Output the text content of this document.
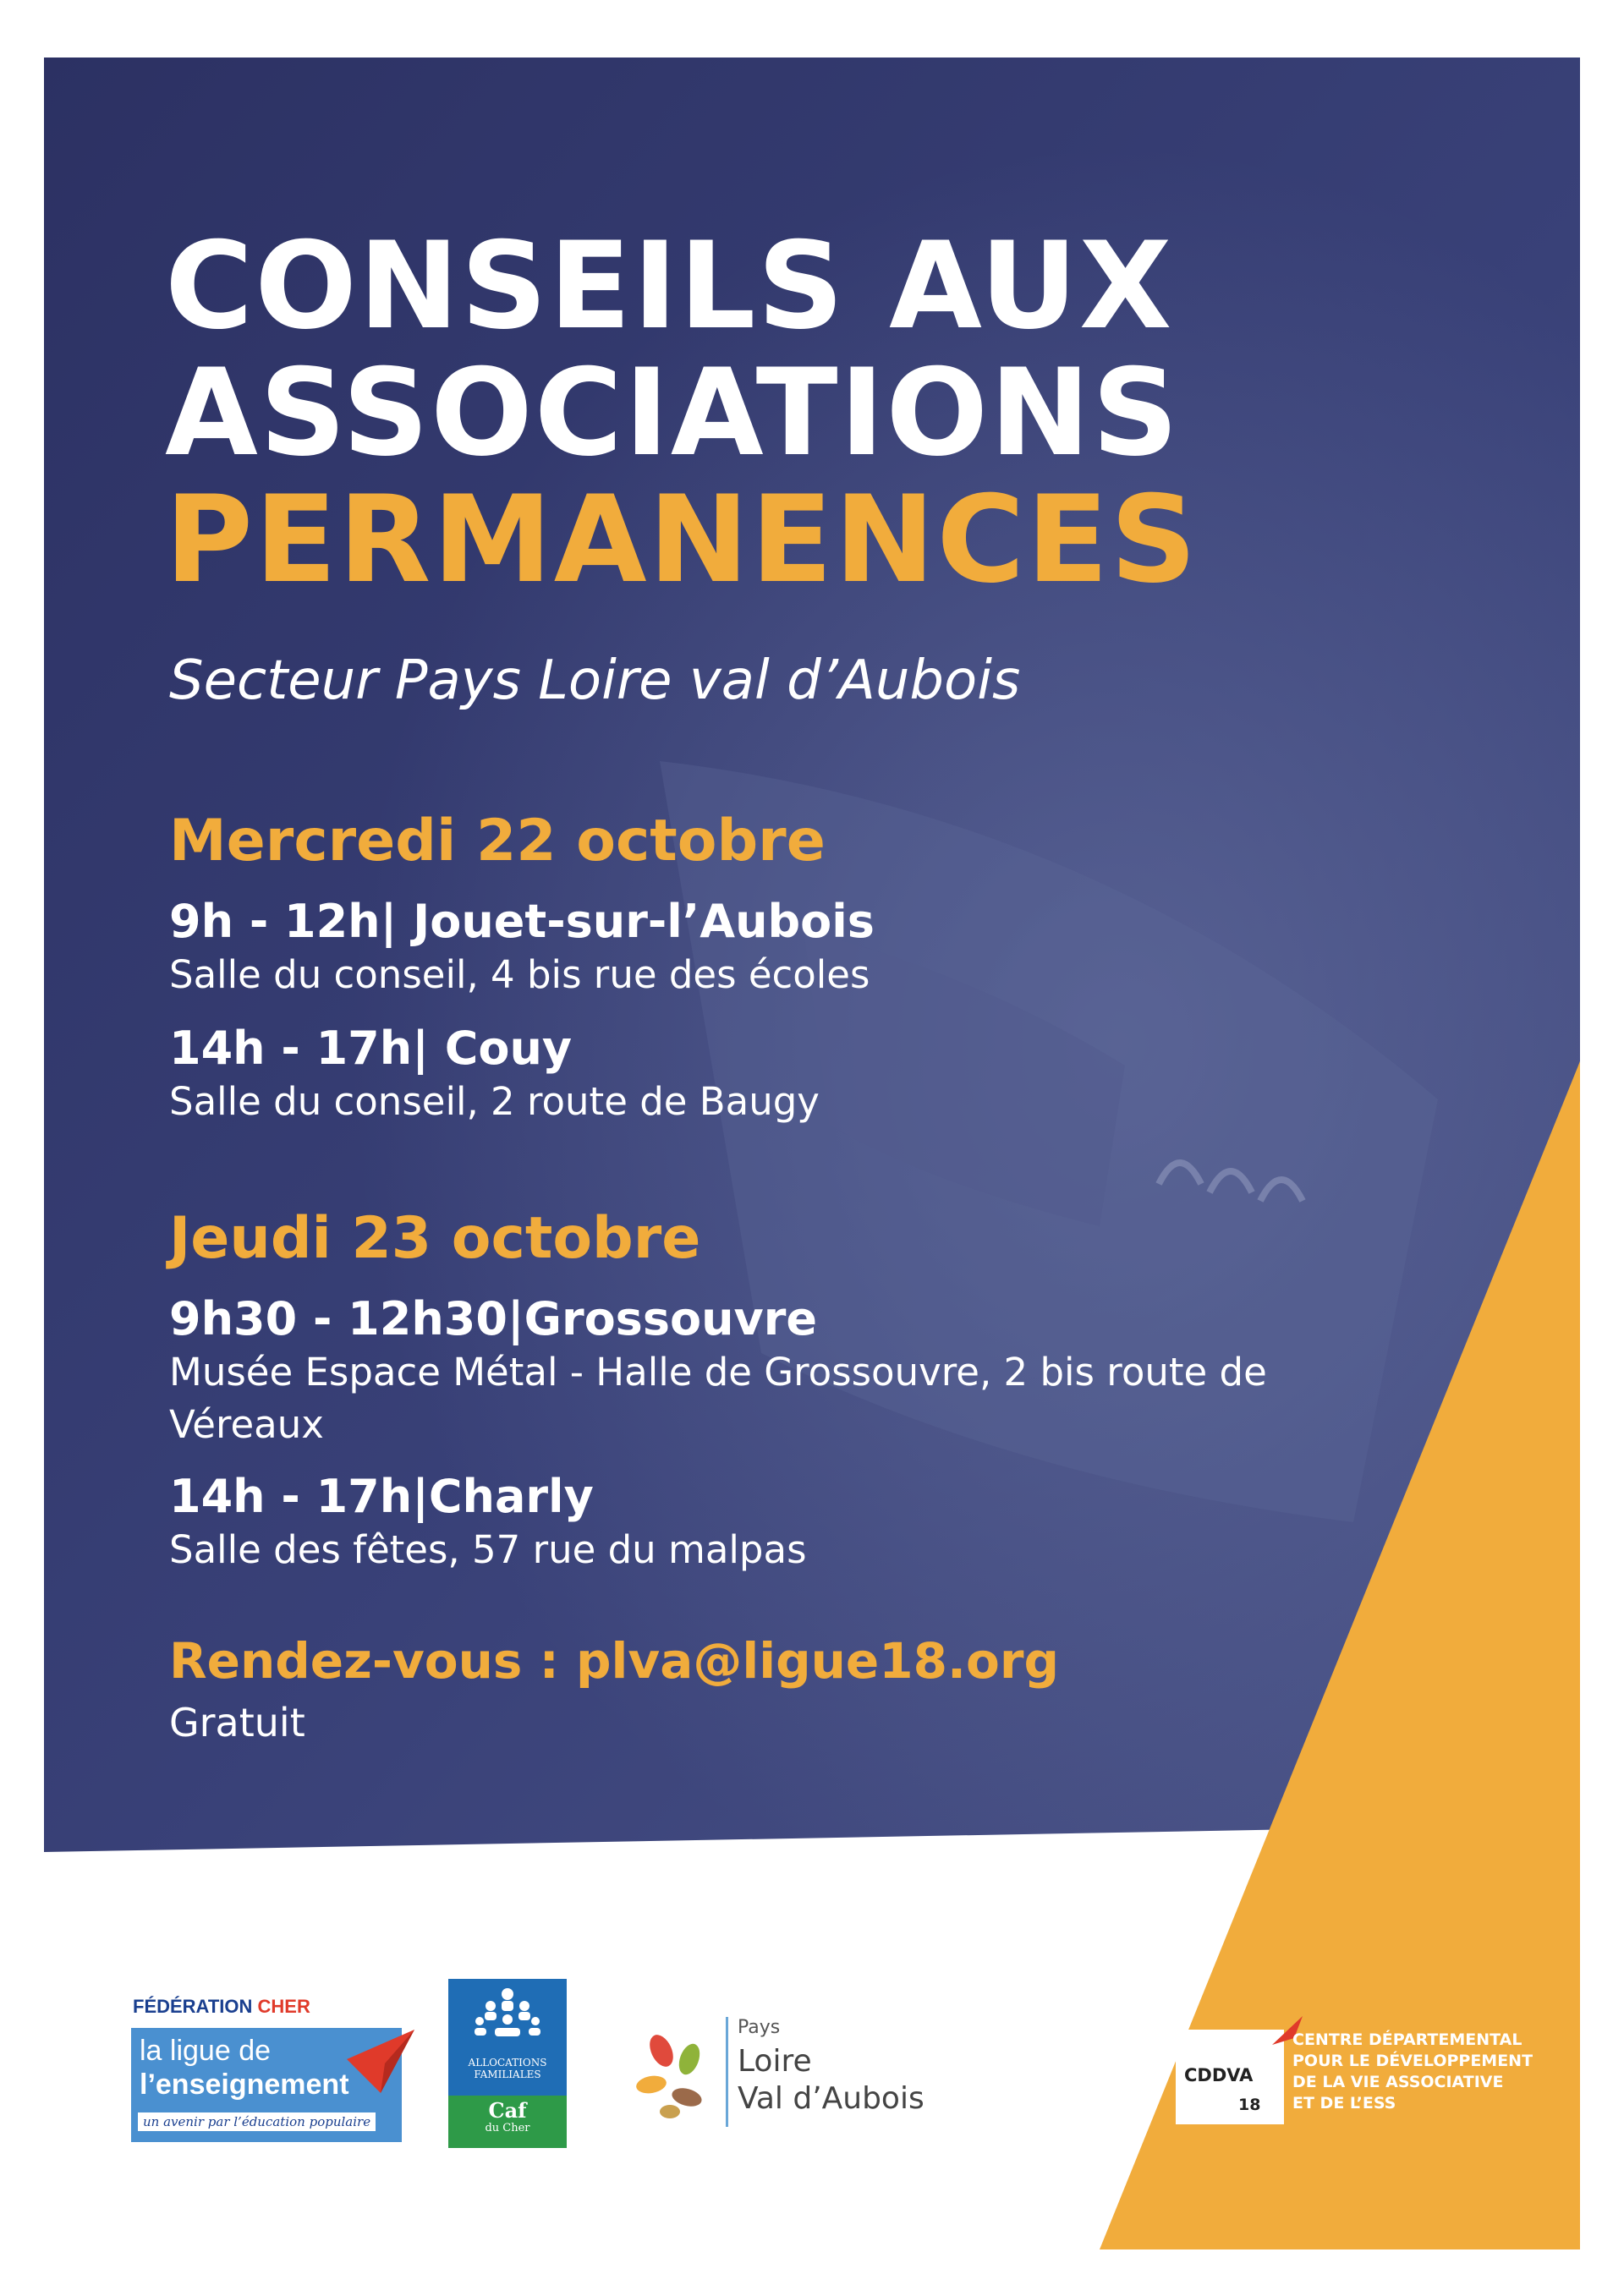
CONSEILS AUX
ASSOCIATIONS
PERMANENCES
Secteur Pays Loire val d’Aubois
Mercredi 22 octobre
9h - 12h| Jouet-sur-l’Aubois
Salle du conseil, 4 bis rue des écoles
14h - 17h| Couy
Salle du conseil, 2 route de Baugy
Jeudi 23 octobre
9h30 - 12h30|Grossouvre
Musée Espace Métal - Halle de Grossouvre, 2 bis route de Véreaux
14h - 17h|Charly
Salle des fêtes, 57 rue du malpas
Rendez-vous : plva@ligue18.org
Gratuit
FÉDÉRATION CHER
la ligue de
l’enseignement
un avenir par l’éducation populaire
ALLOCATIONS FAMILIALES
Caf
du Cher
Pays
Loire
Val d’Aubois
CDDVA
18
CENTRE DÉPARTEMENTAL
POUR LE DÉVELOPPEMENT
DE LA VIE ASSOCIATIVE
ET DE L’ESS
